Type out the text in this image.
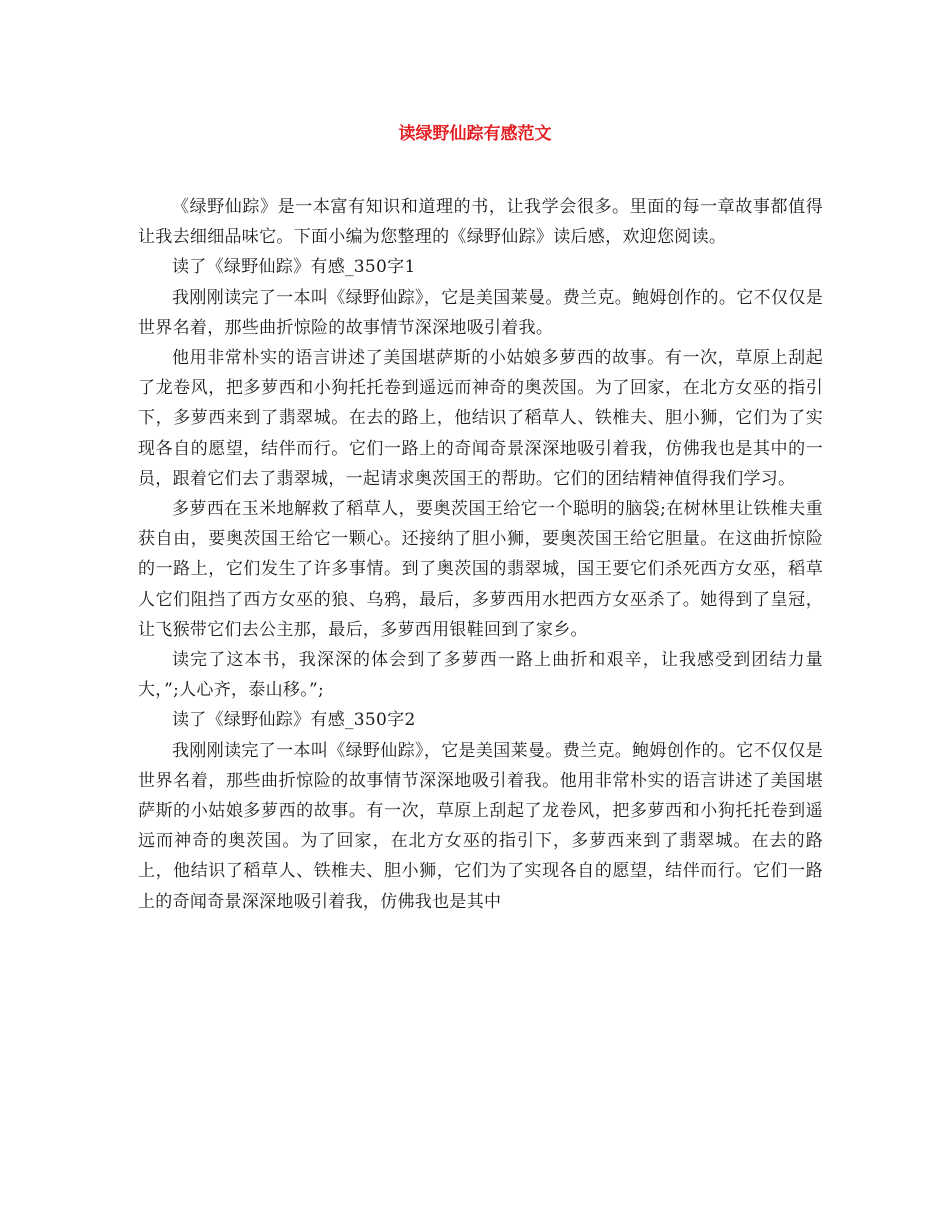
读绿野仙踪有感范文

《绿野仙踪》是一本富有知识和道理的书，让我学会很多。里面的每一章故事都值得让我去细细品味它。下面小编为您整理的《绿野仙踪》读后感，欢迎您阅读。

读了《绿野仙踪》有感_350字1

我刚刚读完了一本叫《绿野仙踪》，它是美国莱曼。费兰克。鲍姆创作的。它不仅仅是世界名着，那些曲折惊险的故事情节深深地吸引着我。

他用非常朴实的语言讲述了美国堪萨斯的小姑娘多萝西的故事。有一次，草原上刮起了龙卷风，把多萝西和小狗托托卷到遥远而神奇的奥茨国。为了回家，在北方女巫的指引下，多萝西来到了翡翠城。在去的路上，他结识了稻草人、铁椎夫、胆小狮，它们为了实现各自的愿望，结伴而行。它们一路上的奇闻奇景深深地吸引着我，仿佛我也是其中的一员，跟着它们去了翡翠城，一起请求奥茨国王的帮助。它们的团结精神值得我们学习。

多萝西在玉米地解救了稻草人，要奥茨国王给它一个聪明的脑袋;在树林里让铁椎夫重获自由，要奥茨国王给它一颗心。还接纳了胆小狮，要奥茨国王给它胆量。在这曲折惊险的一路上，它们发生了许多事情。到了奥茨国的翡翠城，国王要它们杀死西方女巫，稻草人它们阻挡了西方女巫的狼、乌鸦，最后，多萝西用水把西方女巫杀了。她得到了皇冠，让飞猴带它们去公主那，最后，多萝西用银鞋回到了家乡。

读完了这本书，我深深的体会到了多萝西一路上曲折和艰辛，让我感受到团结力量大，”;人心齐，泰山移。”;

读了《绿野仙踪》有感_350字2

我刚刚读完了一本叫《绿野仙踪》，它是美国莱曼。费兰克。鲍姆创作的。它不仅仅是世界名着，那些曲折惊险的故事情节深深地吸引着我。他用非常朴实的语言讲述了美国堪萨斯的小姑娘多萝西的故事。有一次，草原上刮起了龙卷风，把多萝西和小狗托托卷到遥远而神奇的奥茨国。为了回家，在北方女巫的指引下，多萝西来到了翡翠城。在去的路上，他结识了稻草人、铁椎夫、胆小狮，它们为了实现各自的愿望，结伴而行。它们一路上的奇闻奇景深深地吸引着我，仿佛我也是其中
